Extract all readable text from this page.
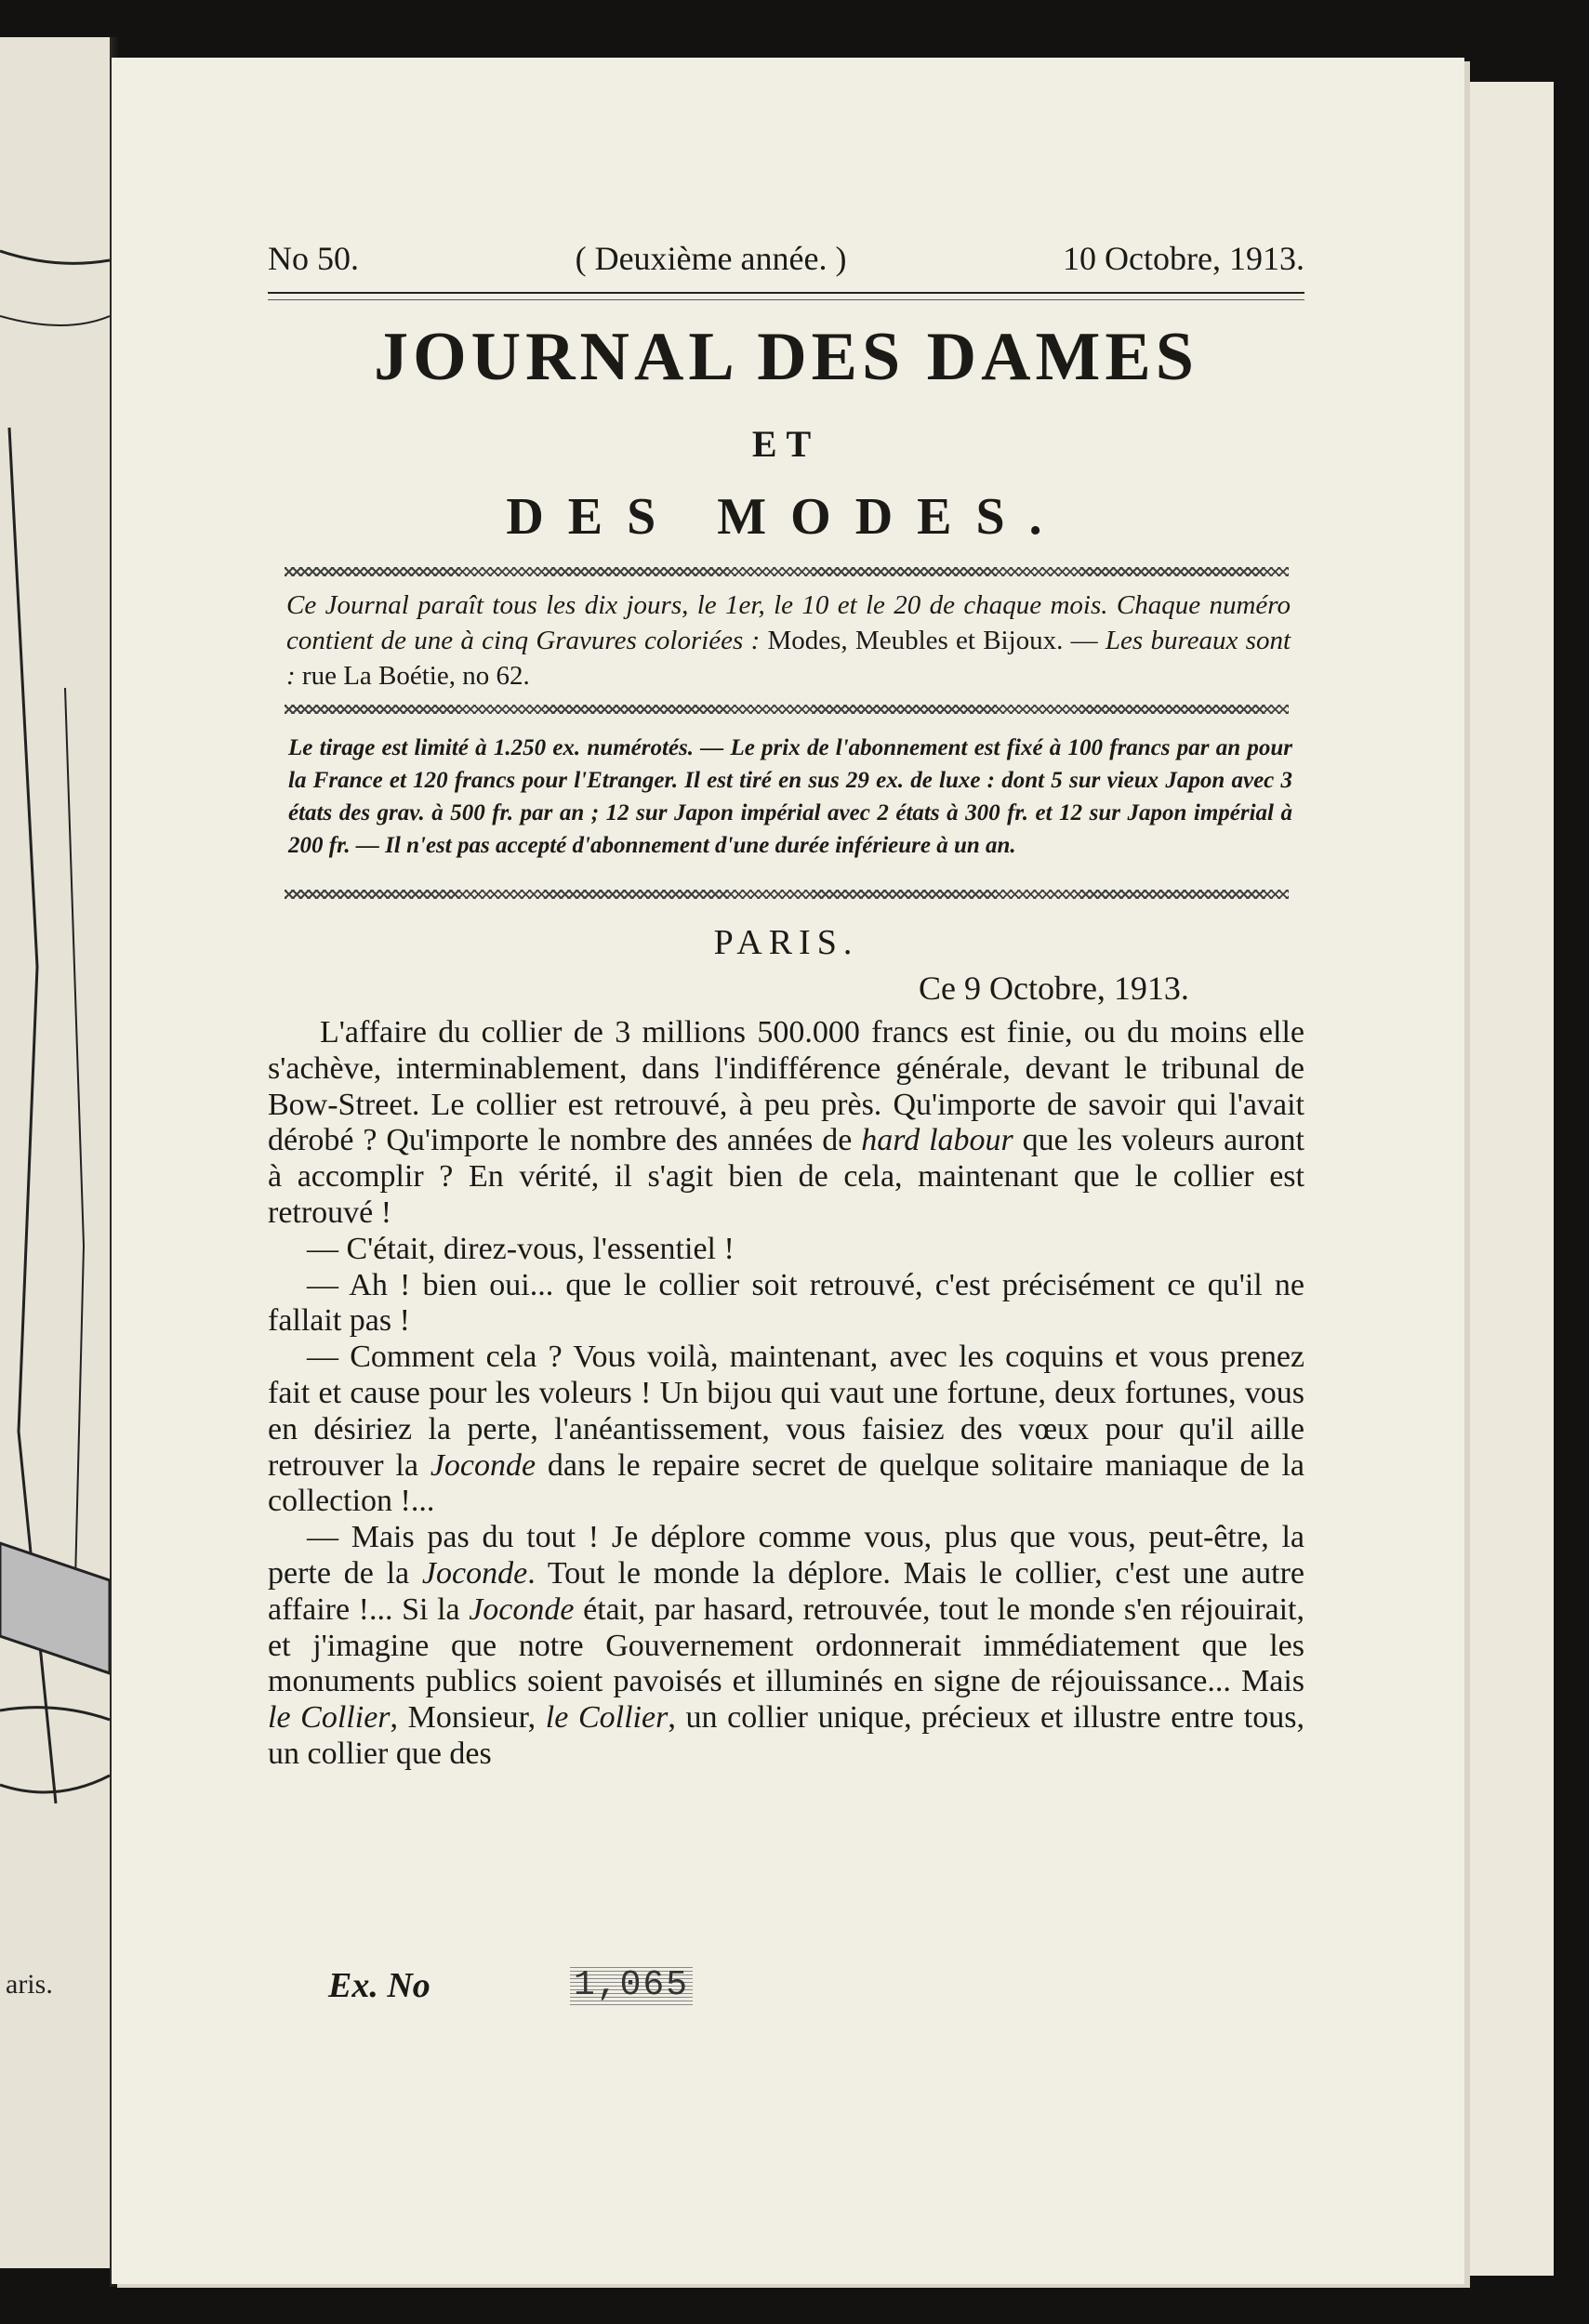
aris.
No 50.	( Deuxième année. )	10 Octobre, 1913.
JOURNAL DES DAMES
ET
DES MODES.
Ce Journal paraît tous les dix jours, le 1er, le 10 et le 20 de chaque mois. Chaque numéro contient de une à cinq Gravures coloriées : Modes, Meubles et Bijoux. — Les bureaux sont : rue La Boétie, no 62.
Le tirage est limité à 1.250 ex. numérotés. — Le prix de l'abonnement est fixé à 100 francs par an pour la France et 120 francs pour l'Etranger. Il est tiré en sus 29 ex. de luxe : dont 5 sur vieux Japon avec 3 états des grav. à 500 fr. par an ; 12 sur Japon impérial avec 2 états à 300 fr. et 12 sur Japon impérial à 200 fr. — Il n'est pas accepté d'abonnement d'une durée inférieure à un an.
PARIS.
Ce 9 Octobre, 1913.

L'affaire du collier de 3 millions 500.000 francs est finie, ou du moins elle s'achève, interminablement, dans l'indifférence générale, devant le tribunal de Bow-Street. Le collier est retrouvé, à peu près. Qu'importe de savoir qui l'avait dérobé ? Qu'importe le nombre des années de hard labour que les voleurs auront à accomplir ? En vérité, il s'agit bien de cela, maintenant que le collier est retrouvé !

— C'était, direz-vous, l'essentiel !

— Ah ! bien oui... que le collier soit retrouvé, c'est précisément ce qu'il ne fallait pas !

— Comment cela ? Vous voilà, maintenant, avec les coquins et vous prenez fait et cause pour les voleurs ! Un bijou qui vaut une fortune, deux fortunes, vous en désiriez la perte, l'anéantissement, vous faisiez des vœux pour qu'il aille retrouver la Joconde dans le repaire secret de quelque solitaire maniaque de la collection !...

— Mais pas du tout ! Je déplore comme vous, plus que vous, peut-être, la perte de la Joconde. Tout le monde la déplore. Mais le collier, c'est une autre affaire !... Si la Joconde était, par hasard, retrouvée, tout le monde s'en réjouirait, et j'imagine que notre Gouvernement ordonnerait immédiatement que les monuments publics soient pavoisés et illuminés en signe de réjouissance... Mais le Collier, Monsieur, le Collier, un collier unique, précieux et illustre entre tous, un collier que des

Ex. No	1,065
